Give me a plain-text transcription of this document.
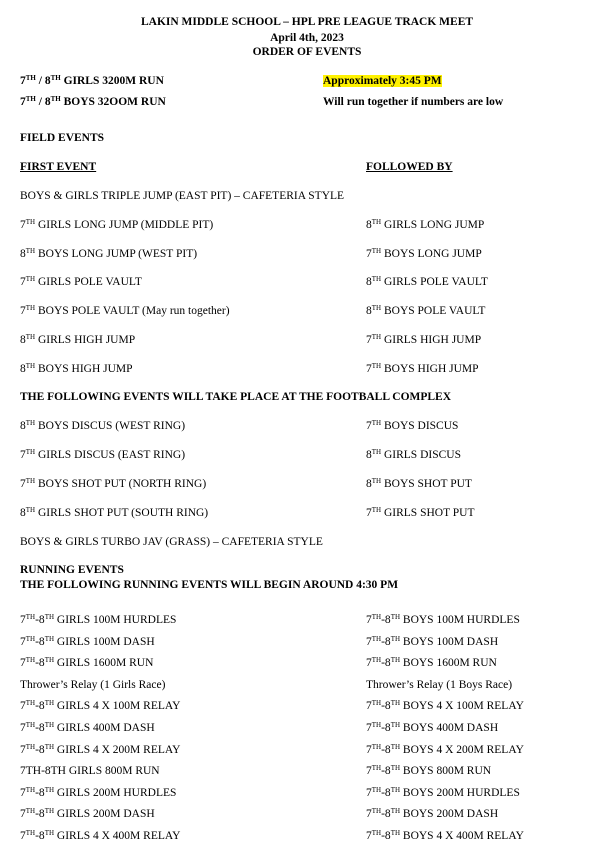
LAKIN MIDDLE SCHOOL – HPL PRE LEAGUE TRACK MEET
April 4th, 2023
ORDER OF EVENTS
7TH / 8TH GIRLS 3200M RUN	Approximately 3:45 PM
7TH / 8TH BOYS 32OOM RUN	Will run together if numbers are low
FIELD EVENTS
FIRST EVENT	FOLLOWED BY
BOYS & GIRLS TRIPLE JUMP (EAST PIT) – CAFETERIA STYLE
7TH GIRLS LONG JUMP (MIDDLE PIT)	8TH GIRLS LONG JUMP
8TH BOYS LONG JUMP (WEST PIT)	7TH BOYS LONG JUMP
7TH GIRLS POLE VAULT	8TH GIRLS POLE VAULT
7TH BOYS POLE VAULT (May run together)	8TH BOYS POLE VAULT
8TH GIRLS HIGH JUMP	7TH GIRLS HIGH JUMP
8TH BOYS HIGH JUMP	7TH BOYS HIGH JUMP
THE FOLLOWING EVENTS WILL TAKE PLACE AT THE FOOTBALL COMPLEX
8TH BOYS DISCUS (WEST RING)	7TH BOYS DISCUS
7TH GIRLS DISCUS (EAST RING)	8TH GIRLS DISCUS
7TH BOYS SHOT PUT (NORTH RING)	8TH BOYS SHOT PUT
8TH GIRLS SHOT PUT (SOUTH RING)	7TH GIRLS SHOT PUT
BOYS & GIRLS TURBO JAV (GRASS) – CAFETERIA STYLE
RUNNING EVENTS
THE FOLLOWING RUNNING EVENTS WILL BEGIN AROUND 4:30 PM
7TH-8TH GIRLS 100M HURDLES	7TH-8TH BOYS 100M HURDLES
7TH-8TH GIRLS 100M DASH	7TH-8TH BOYS 100M DASH
7TH-8TH GIRLS 1600M RUN	7TH-8TH BOYS 1600M RUN
Thrower’s Relay (1 Girls Race)	Thrower’s Relay (1 Boys Race)
7TH-8TH GIRLS 4 X 100M RELAY	7TH-8TH BOYS 4 X 100M RELAY
7TH-8TH GIRLS 400M DASH	7TH-8TH BOYS 400M DASH
7TH-8TH GIRLS 4 X 200M RELAY	7TH-8TH BOYS 4 X 200M RELAY
7TH-8TH GIRLS 800M RUN	7TH-8TH BOYS 800M RUN
7TH-8TH GIRLS 200M HURDLES	7TH-8TH BOYS 200M HURDLES
7TH-8TH GIRLS 200M DASH	7TH-8TH BOYS 200M DASH
7TH-8TH GIRLS 4 X 400M RELAY	7TH-8TH BOYS 4 X 400M RELAY
